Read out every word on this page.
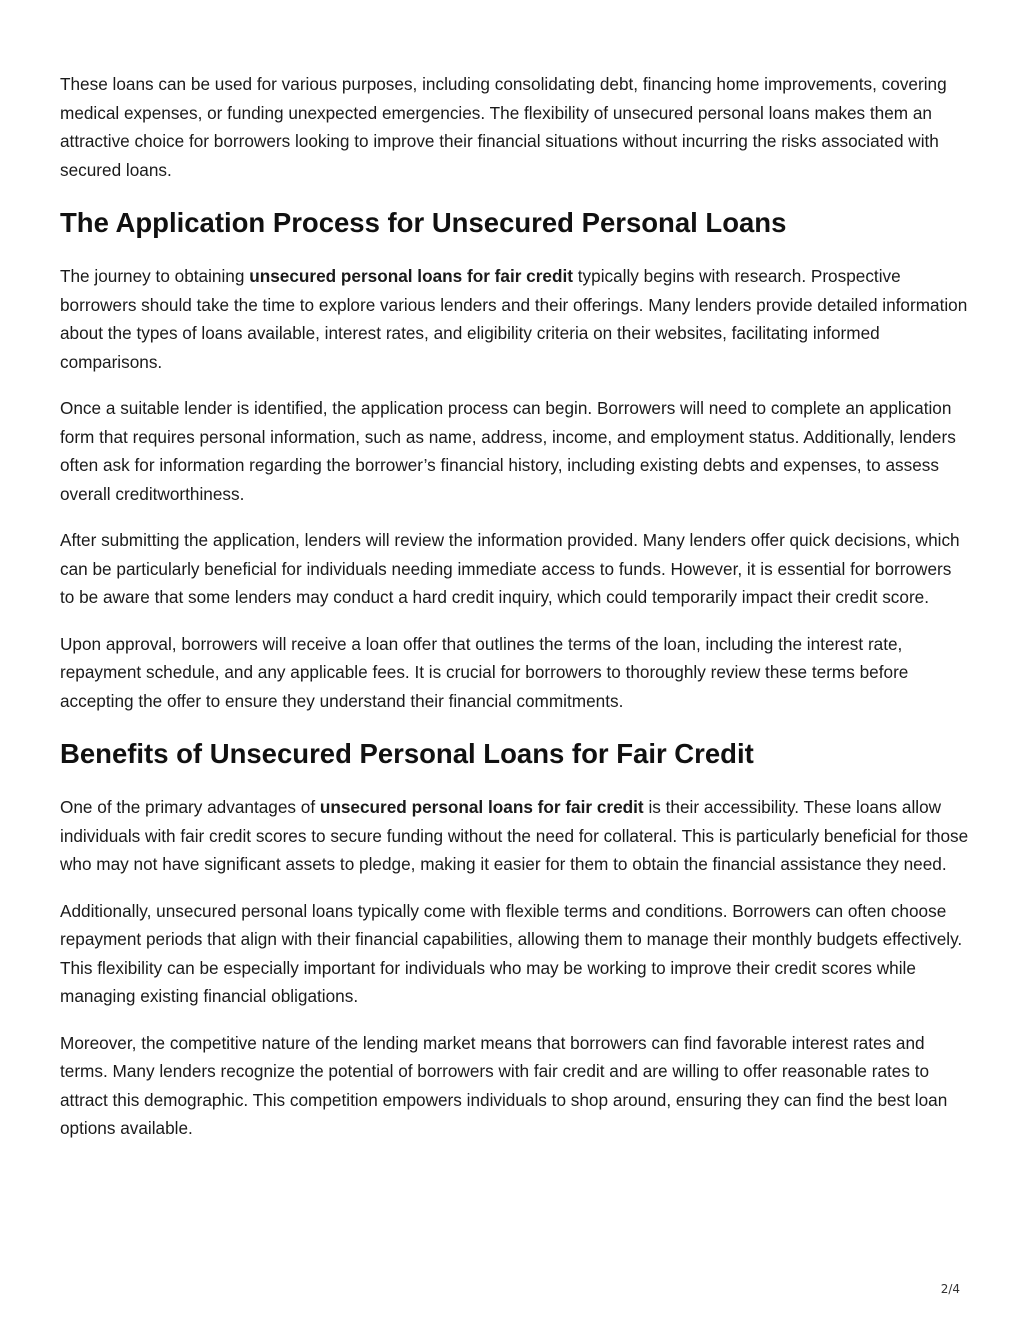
These loans can be used for various purposes, including consolidating debt, financing home improvements, covering medical expenses, or funding unexpected emergencies. The flexibility of unsecured personal loans makes them an attractive choice for borrowers looking to improve their financial situations without incurring the risks associated with secured loans.

The Application Process for Unsecured Personal Loans

The journey to obtaining unsecured personal loans for fair credit typically begins with research. Prospective borrowers should take the time to explore various lenders and their offerings. Many lenders provide detailed information about the types of loans available, interest rates, and eligibility criteria on their websites, facilitating informed comparisons.

Once a suitable lender is identified, the application process can begin. Borrowers will need to complete an application form that requires personal information, such as name, address, income, and employment status. Additionally, lenders often ask for information regarding the borrower’s financial history, including existing debts and expenses, to assess overall creditworthiness.

After submitting the application, lenders will review the information provided. Many lenders offer quick decisions, which can be particularly beneficial for individuals needing immediate access to funds. However, it is essential for borrowers to be aware that some lenders may conduct a hard credit inquiry, which could temporarily impact their credit score.

Upon approval, borrowers will receive a loan offer that outlines the terms of the loan, including the interest rate, repayment schedule, and any applicable fees. It is crucial for borrowers to thoroughly review these terms before accepting the offer to ensure they understand their financial commitments.

Benefits of Unsecured Personal Loans for Fair Credit

One of the primary advantages of unsecured personal loans for fair credit is their accessibility. These loans allow individuals with fair credit scores to secure funding without the need for collateral. This is particularly beneficial for those who may not have significant assets to pledge, making it easier for them to obtain the financial assistance they need.

Additionally, unsecured personal loans typically come with flexible terms and conditions. Borrowers can often choose repayment periods that align with their financial capabilities, allowing them to manage their monthly budgets effectively. This flexibility can be especially important for individuals who may be working to improve their credit scores while managing existing financial obligations.

Moreover, the competitive nature of the lending market means that borrowers can find favorable interest rates and terms. Many lenders recognize the potential of borrowers with fair credit and are willing to offer reasonable rates to attract this demographic. This competition empowers individuals to shop around, ensuring they can find the best loan options available.

2/4
